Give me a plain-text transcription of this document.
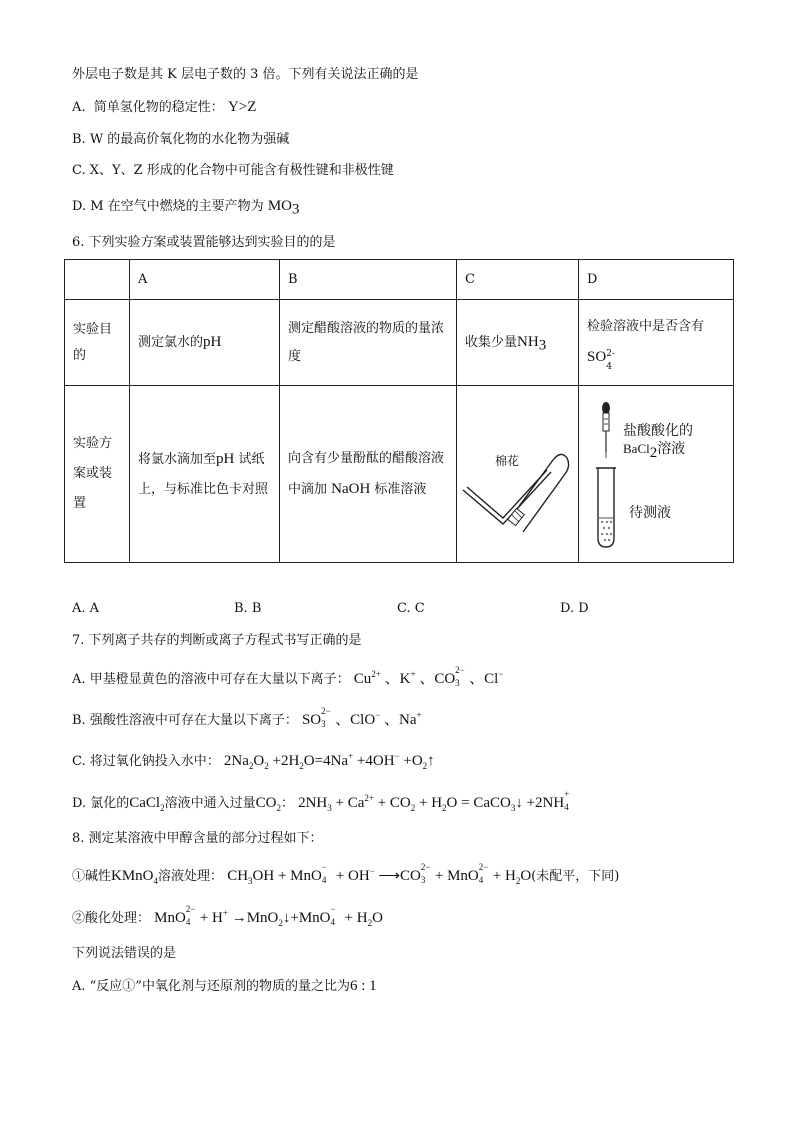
外层电子数是其 K 层电子数的 3 倍。下列有关说法正确的是
A. 简单氢化物的稳定性： Y>Z
B. W 的最高价氧化物的水化物为强碱
C. X、Y、Z 形成的化合物中可能含有极性键和非极性键
D. M 在空气中燃烧的主要产物为 $MO_3$
6. 下列实验方案或装置能够达到实验目的的是
	A	B	C	D
实验目的	测定氯水的pH	测定醋酸溶液的物质的量浓度	收集少量$NH_3$	检验溶液中是否含有
SO 2-
4

实验方案或装置	将氯水滴加至pH 试纸上，与标准比色卡对照	向含有少量酚酞的醋酸溶液中滴加 NaOH 标准溶液	棉花	盐酸酸化的
BaCl$_2$溶液
待测液
A. A	B. B	C. C	D. D
7. 下列离子共存的判断或离子方程式书写正确的是
A. 甲基橙显黄色的溶液中可存在大量以下离子： $Cu^{2+}$ 、K+ 、CO
2−
3 、Cl−
B. 强酸性溶液中可存在大量以下离子： SO
2−
3 、ClO− 、Na+
C. 将过氧化钠投入水中： $2Na_2O_2 +2H_2O=4Na^+ +4OH^-$ $+O_2↑$
D. 氯化的CaCl$_2$溶液中通入过量$CO_2$： $2NH_3 + Ca^{2+} + CO_2 + H_2O$ = CaCO$_3$↓ +2NH
+
4
8. 测定某溶液中甲醇含量的部分过程如下：
①碱性KMnO$_4$溶液处理： $CH_3OH$ + MnO
−
4 + OH− ⟶CO
2−
3 + MnO
2−
$4 + H_2O$(未配平，下同)
②酸化处理： MnO
2−
4 + H+ →MnO$_2$↓+MnO
−
$4 + H_2O$
下列说法错误的是
A. “反应①”中氧化剂与还原剂的物质的量之比为6 : 1
